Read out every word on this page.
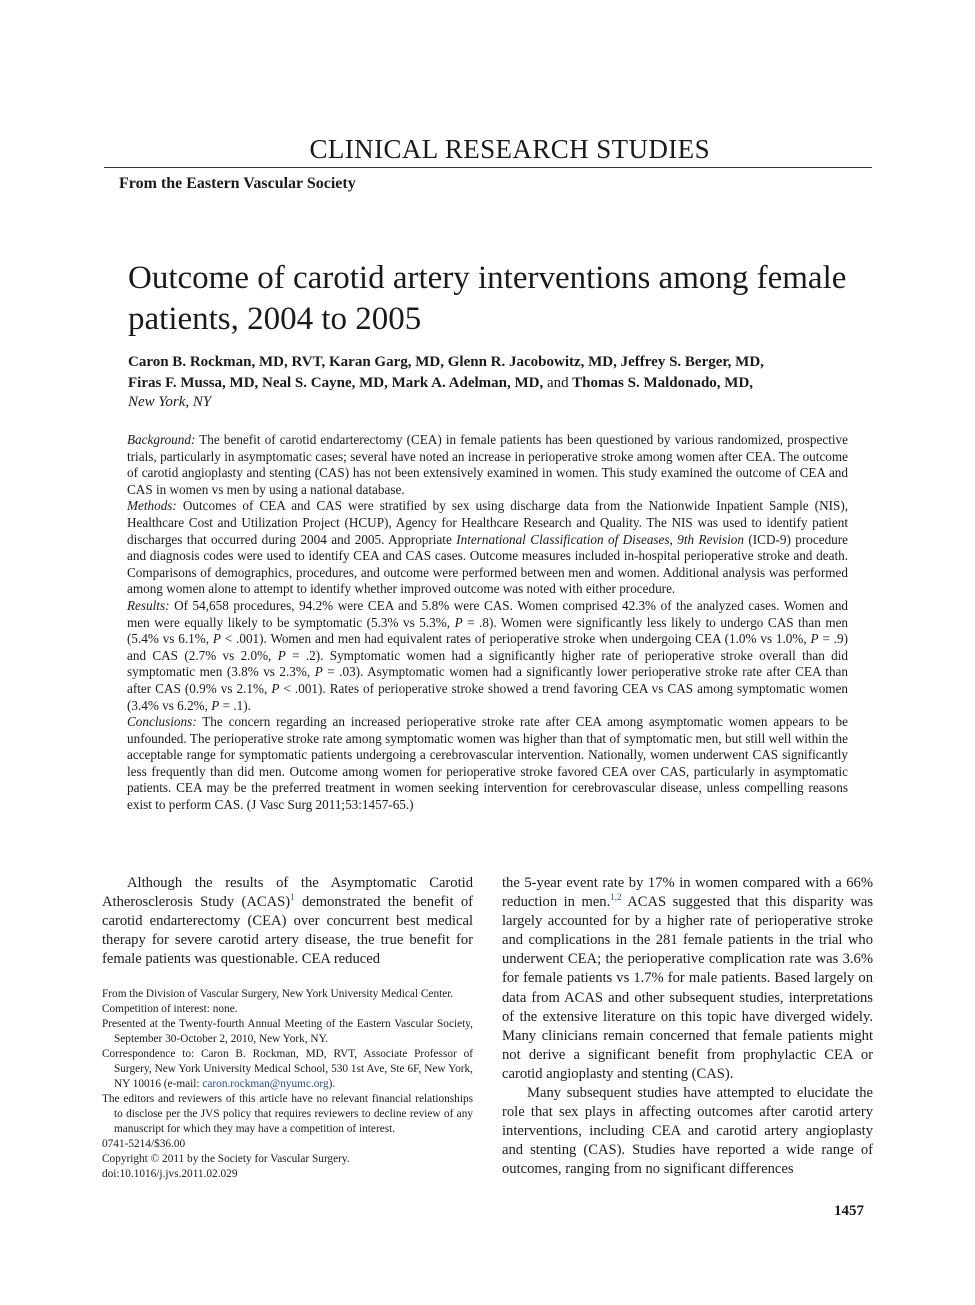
CLINICAL RESEARCH STUDIES
From the Eastern Vascular Society
Outcome of carotid artery interventions among female patients, 2004 to 2005
Caron B. Rockman, MD, RVT, Karan Garg, MD, Glenn R. Jacobowitz, MD, Jeffrey S. Berger, MD,
Firas F. Mussa, MD, Neal S. Cayne, MD, Mark A. Adelman, MD, and Thomas S. Maldonado, MD,
New York, NY

Background: The benefit of carotid endarterectomy (CEA) in female patients has been questioned by various randomized, prospective trials, particularly in asymptomatic cases; several have noted an increase in perioperative stroke among women after CEA. The outcome of carotid angioplasty and stenting (CAS) has not been extensively examined in women. This study examined the outcome of CEA and CAS in women vs men by using a national database.

Methods: Outcomes of CEA and CAS were stratified by sex using discharge data from the Nationwide Inpatient Sample (NIS), Healthcare Cost and Utilization Project (HCUP), Agency for Healthcare Research and Quality. The NIS was used to identify patient discharges that occurred during 2004 and 2005. Appropriate International Classification of Diseases, 9th Revision (ICD-9) procedure and diagnosis codes were used to identify CEA and CAS cases. Outcome measures included in-hospital perioperative stroke and death. Comparisons of demographics, procedures, and outcome were performed between men and women. Additional analysis was performed among women alone to attempt to identify whether improved outcome was noted with either procedure.

Results: Of 54,658 procedures, 94.2% were CEA and 5.8% were CAS. Women comprised 42.3% of the analyzed cases. Women and men were equally likely to be symptomatic (5.3% vs 5.3%, P = .8). Women were significantly less likely to undergo CAS than men (5.4% vs 6.1%, P < .001). Women and men had equivalent rates of perioperative stroke when undergoing CEA (1.0% vs 1.0%, P = .9) and CAS (2.7% vs 2.0%, P = .2). Symptomatic women had a significantly higher rate of perioperative stroke overall than did symptomatic men (3.8% vs 2.3%, P = .03). Asymptomatic women had a significantly lower perioperative stroke rate after CEA than after CAS (0.9% vs 2.1%, P < .001). Rates of perioperative stroke showed a trend favoring CEA vs CAS among symptomatic women (3.4% vs 6.2%, P = .1).

Conclusions: The concern regarding an increased perioperative stroke rate after CEA among asymptomatic women appears to be unfounded. The perioperative stroke rate among symptomatic women was higher than that of symptomatic men, but still well within the acceptable range for symptomatic patients undergoing a cerebrovascular intervention. Nationally, women underwent CAS significantly less frequently than did men. Outcome among women for perioperative stroke favored CEA over CAS, particularly in asymptomatic patients. CEA may be the preferred treatment in women seeking intervention for cerebrovascular disease, unless compelling reasons exist to perform CAS. (J Vasc Surg 2011;53:1457-65.)

Although the results of the Asymptomatic Carotid Atherosclerosis Study (ACAS)$^1$ demonstrated the benefit of carotid endarterectomy (CEA) over concurrent best medical therapy for severe carotid artery disease, the true benefit for female patients was questionable. CEA reduced

From the Division of Vascular Surgery, New York University Medical Center.

Competition of interest: none.

Presented at the Twenty-fourth Annual Meeting of the Eastern Vascular Society, September 30-October 2, 2010, New York, NY.

Correspondence to: Caron B. Rockman, MD, RVT, Associate Professor of Surgery, New York University Medical School, 530 1st Ave, Ste 6F, New York, NY 10016 (e-mail: caron.rockman@nyumc.org).

The editors and reviewers of this article have no relevant financial relationships to disclose per the JVS policy that requires reviewers to decline review of any manuscript for which they may have a competition of interest.

0741-5214/$36.00

Copyright © 2011 by the Society for Vascular Surgery.

doi:10.1016/j.jvs.2011.02.029

the 5-year event rate by 17% in women compared with a 66% reduction in men.$^{1,2}$ ACAS suggested that this disparity was largely accounted for by a higher rate of perioperative stroke and complications in the 281 female patients in the trial who underwent CEA; the perioperative complication rate was 3.6% for female patients vs 1.7% for male patients. Based largely on data from ACAS and other subsequent studies, interpretations of the extensive literature on this topic have diverged widely. Many clinicians remain concerned that female patients might not derive a significant benefit from prophylactic CEA or carotid angioplasty and stenting (CAS).

Many subsequent studies have attempted to elucidate the role that sex plays in affecting outcomes after carotid artery interventions, including CEA and carotid artery angioplasty and stenting (CAS). Studies have reported a wide range of outcomes, ranging from no significant differences

1457
